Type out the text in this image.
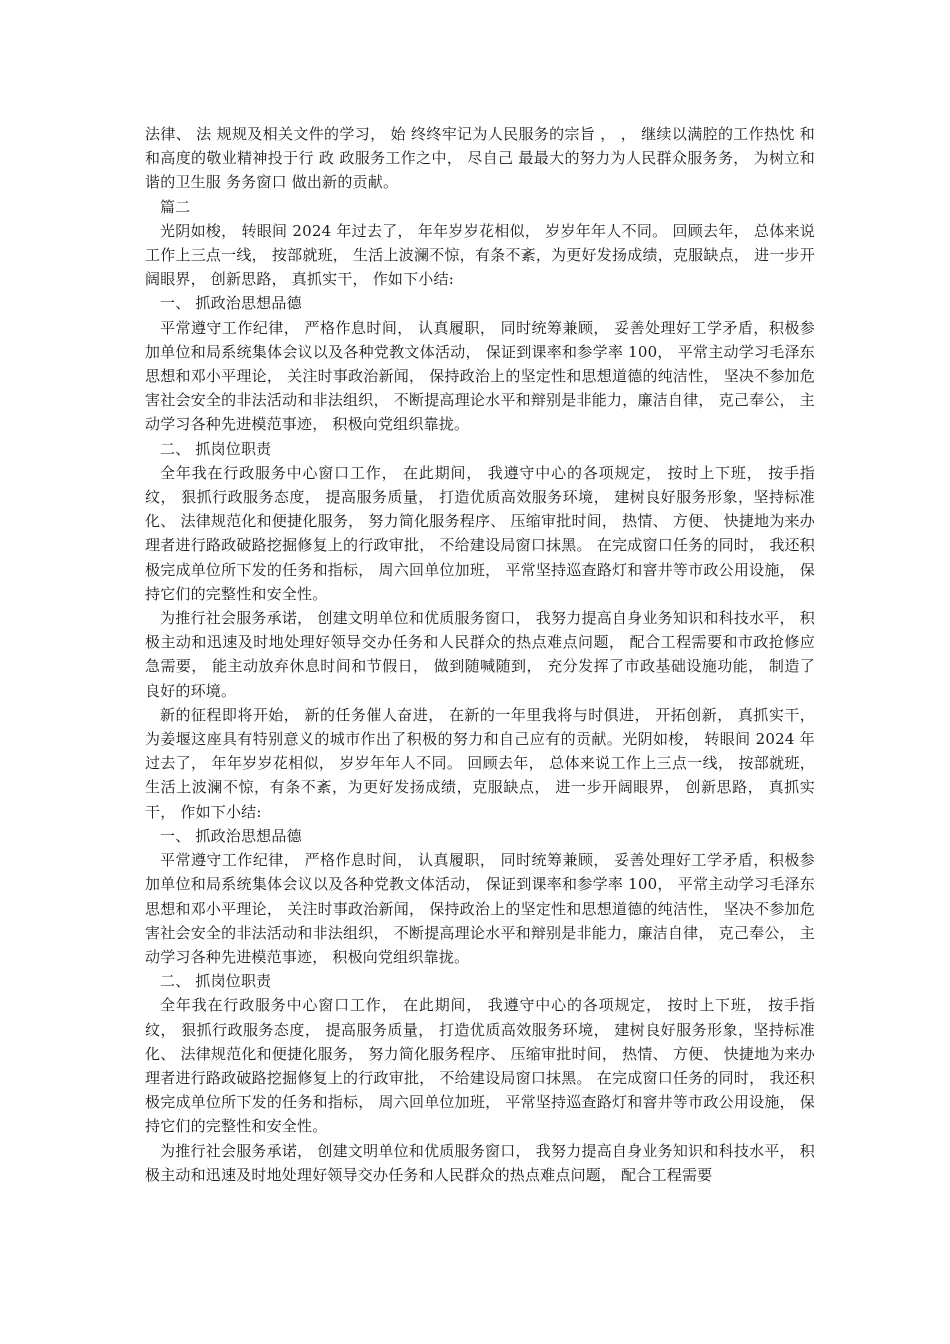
法律、 法 规规及相关文件的学习， 始 终终牢记为人民服务的宗旨 ， ， 继续以满腔的工作热忱 和和高度的敬业精神投于行 政 政服务工作之中， 尽自己 最最大的努力为人民群众服务务， 为树立和谐的卫生服 务务窗口 做出新的贡献。

篇二

光阴如梭， 转眼间 2024 年过去了， 年年岁岁花相似， 岁岁年年人不同。 回顾去年， 总体来说工作上三点一线， 按部就班， 生活上波澜不惊，有条不紊，为更好发扬成绩，克服缺点， 进一步开阔眼界， 创新思路， 真抓实干， 作如下小结:

一、 抓政治思想品德

平常遵守工作纪律， 严格作息时间， 认真履职， 同时统筹兼顾， 妥善处理好工学矛盾，积极参加单位和局系统集体会议以及各种党教文体活动， 保证到课率和参学率 100， 平常主动学习毛泽东思想和邓小平理论， 关注时事政治新闻， 保持政治上的坚定性和思想道德的纯洁性， 坚决不参加危害社会安全的非法活动和非法组织， 不断提高理论水平和辩别是非能力，廉洁自律， 克己奉公， 主动学习各种先进模范事迹， 积极向党组织靠拢。

二、 抓岗位职责

全年我在行政服务中心窗口工作， 在此期间， 我遵守中心的各项规定， 按时上下班， 按手指纹， 狠抓行政服务态度， 提高服务质量， 打造优质高效服务环境， 建树良好服务形象，坚持标准化、 法律规范化和便捷化服务， 努力简化服务程序、 压缩审批时间， 热情、 方便、 快捷地为来办理者进行路政破路挖掘修复上的行政审批， 不给建设局窗口抹黑。 在完成窗口任务的同时， 我还积极完成单位所下发的任务和指标， 周六回单位加班， 平常坚持巡查路灯和窨井等市政公用设施， 保持它们的完整性和安全性。

为推行社会服务承诺， 创建文明单位和优质服务窗口， 我努力提高自身业务知识和科技水平， 积极主动和迅速及时地处理好领导交办任务和人民群众的热点难点问题， 配合工程需要和市政抢修应急需要， 能主动放弃休息时间和节假日， 做到随喊随到， 充分发挥了市政基础设施功能， 制造了良好的环境。

新的征程即将开始， 新的任务催人奋进， 在新的一年里我将与时俱进， 开拓创新， 真抓实干， 为姜堰这座具有特别意义的城市作出了积极的努力和自己应有的贡献。光阴如梭， 转眼间 2024 年过去了， 年年岁岁花相似， 岁岁年年人不同。 回顾去年， 总体来说工作上三点一线， 按部就班， 生活上波澜不惊，有条不紊，为更好发扬成绩，克服缺点， 进一步开阔眼界， 创新思路， 真抓实干， 作如下小结:

一、 抓政治思想品德

平常遵守工作纪律， 严格作息时间， 认真履职， 同时统筹兼顾， 妥善处理好工学矛盾，积极参加单位和局系统集体会议以及各种党教文体活动， 保证到课率和参学率 100， 平常主动学习毛泽东思想和邓小平理论， 关注时事政治新闻， 保持政治上的坚定性和思想道德的纯洁性， 坚决不参加危害社会安全的非法活动和非法组织， 不断提高理论水平和辩别是非能力，廉洁自律， 克己奉公， 主动学习各种先进模范事迹， 积极向党组织靠拢。

二、 抓岗位职责

全年我在行政服务中心窗口工作， 在此期间， 我遵守中心的各项规定， 按时上下班， 按手指纹， 狠抓行政服务态度， 提高服务质量， 打造优质高效服务环境， 建树良好服务形象，坚持标准化、 法律规范化和便捷化服务， 努力简化服务程序、 压缩审批时间， 热情、 方便、 快捷地为来办理者进行路政破路挖掘修复上的行政审批， 不给建设局窗口抹黑。 在完成窗口任务的同时， 我还积极完成单位所下发的任务和指标， 周六回单位加班， 平常坚持巡查路灯和窨井等市政公用设施， 保持它们的完整性和安全性。

为推行社会服务承诺， 创建文明单位和优质服务窗口， 我努力提高自身业务知识和科技水平， 积极主动和迅速及时地处理好领导交办任务和人民群众的热点难点问题， 配合工程需要
